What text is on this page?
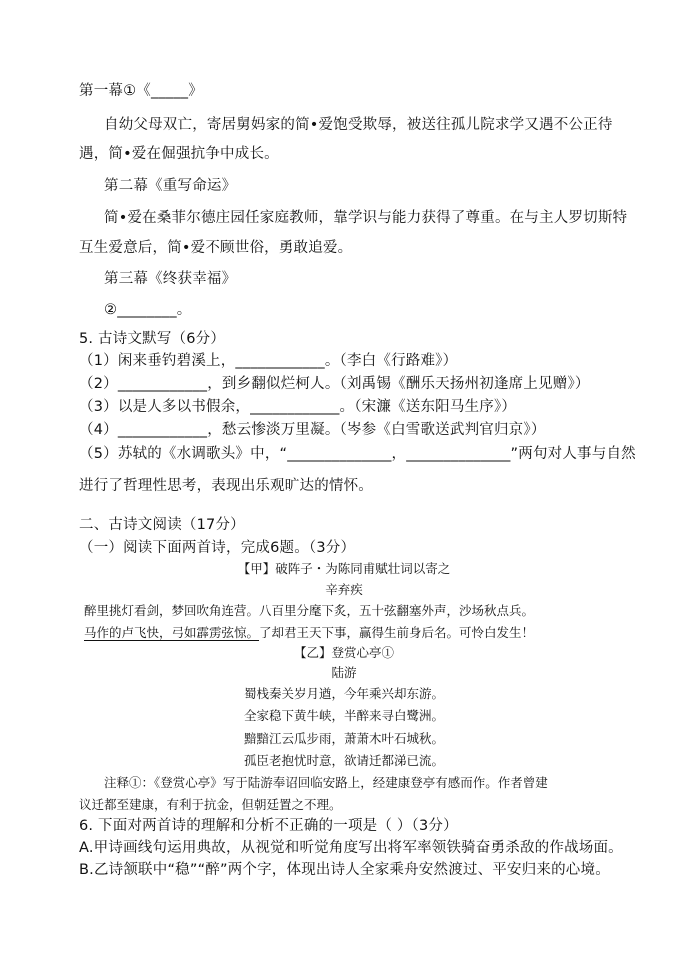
第一幕①《_____》
自幼父母双亡，寄居舅妈家的简•爱饱受欺辱，被送往孤儿院求学又遇不公正待
遇，简•爱在倔强抗争中成长。
第二幕《重写命运》
简•爱在桑菲尔德庄园任家庭教师，靠学识与能力获得了尊重。在与主人罗切斯特
互生爱意后，简•爱不顾世俗，勇敢追爱。
第三幕《终获幸福》
②________。
5. 古诗文默写（6分）
（1）闲来垂钓碧溪上，____________。（李白《行路难》）
（2）____________，到乡翻似烂柯人。（刘禹锡《酬乐天扬州初逢席上见赠》）
（3）以是人多以书假余，____________。（宋濂《送东阳马生序》）
（4）____________，愁云惨淡万里凝。（岑参《白雪歌送武判官归京》）
（5）苏轼的《水调歌头》中，“______________，______________”两句对人事与自然
进行了哲理性思考，表现出乐观旷达的情怀。
二、古诗文阅读（17分）
（一）阅读下面两首诗，完成6题。（3分）
【甲】破阵子・为陈同甫赋壮词以寄之
辛弃疾
醉里挑灯看剑，梦回吹角连营。八百里分麾下炙，五十弦翻塞外声，沙场秋点兵。
马作的卢飞快，弓如霹雳弦惊。了却君王天下事，赢得生前身后名。可怜白发生！
【乙】登赏心亭①
陆游
蜀栈秦关岁月遒，今年乘兴却东游。
全家稳下黄牛峡，半醉来寻白鹭洲。
黯黯江云瓜步雨，萧萧木叶石城秋。
孤臣老抱忧时意，欲请迁都涕已流。
注释①：《登赏心亭》写于陆游奉诏回临安路上，经建康登亭有感而作。作者曾建
议迁都至建康，有利于抗金，但朝廷置之不理。
6. 下面对两首诗的理解和分析不正确的一项是（ ）（3分）
A.甲诗画线句运用典故，从视觉和听觉角度写出将军率领铁骑奋勇杀敌的作战场面。
B.乙诗颔联中“稳”“醉”两个字，体现出诗人全家乘舟安然渡过、平安归来的心境。
